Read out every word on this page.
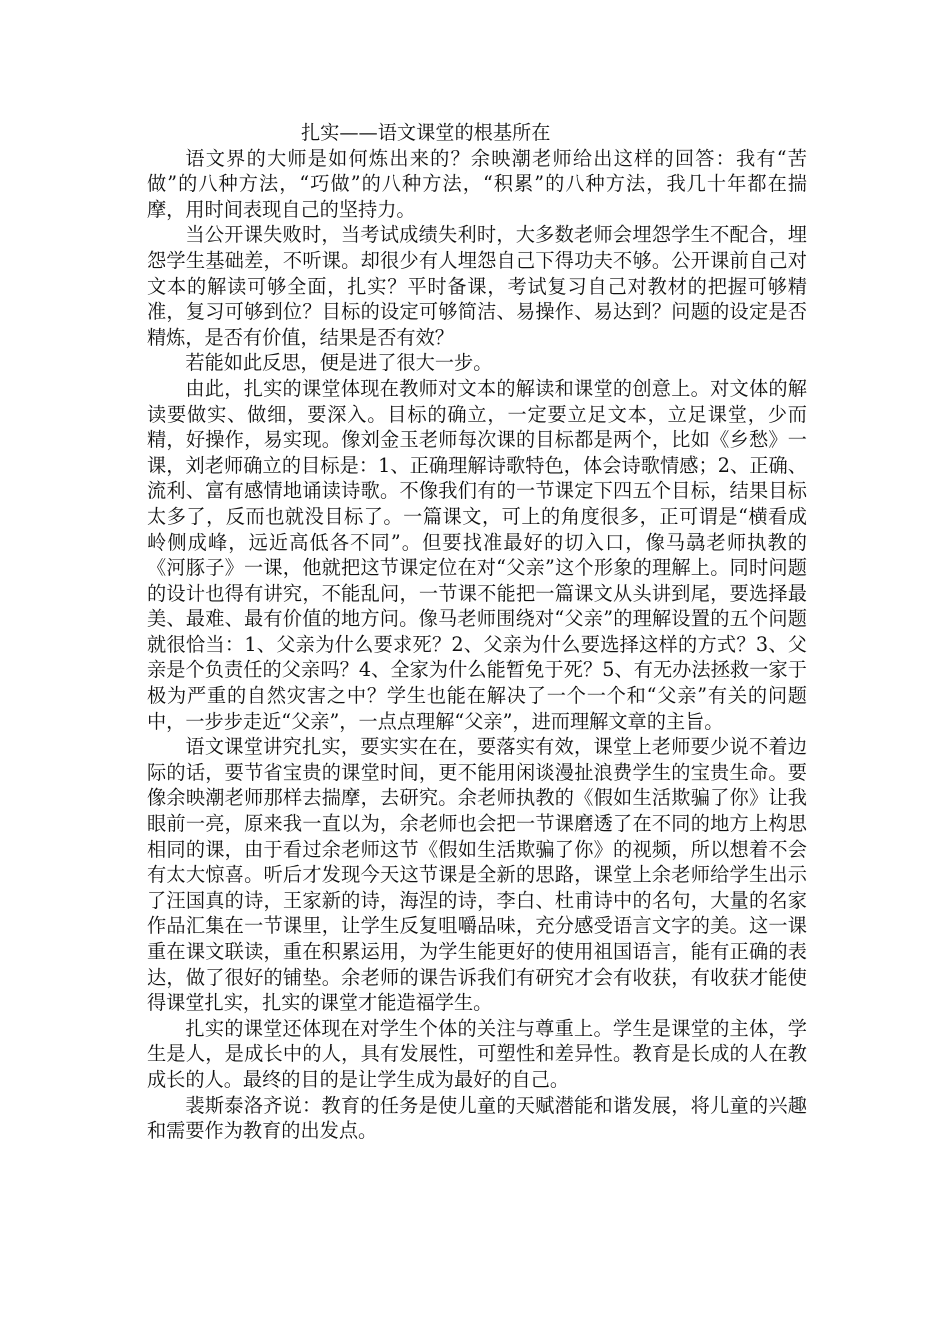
扎实——语文课堂的根基所在

语文界的大师是如何炼出来的？余映潮老师给出这样的回答：我有“苦做”的八种方法，“巧做”的八种方法，“积累”的八种方法，我几十年都在揣摩，用时间表现自己的坚持力。

当公开课失败时，当考试成绩失利时，大多数老师会埋怨学生不配合，埋怨学生基础差，不听课。却很少有人埋怨自己下得功夫不够。公开课前自己对文本的解读可够全面，扎实？平时备课，考试复习自己对教材的把握可够精准，复习可够到位？目标的设定可够简洁、易操作、易达到？问题的设定是否精炼，是否有价值，结果是否有效？

若能如此反思，便是进了很大一步。

由此，扎实的课堂体现在教师对文本的解读和课堂的创意上。对文体的解读要做实、做细，要深入。目标的确立，一定要立足文本，立足课堂，少而精，好操作，易实现。像刘金玉老师每次课的目标都是两个，比如《乡愁》一课，刘老师确立的目标是：1、正确理解诗歌特色，体会诗歌情感；2、正确、流利、富有感情地诵读诗歌。不像我们有的一节课定下四五个目标，结果目标太多了，反而也就没目标了。一篇课文，可上的角度很多，正可谓是“横看成岭侧成峰，远近高低各不同”。但要找准最好的切入口，像马骉老师执教的《河豚子》一课，他就把这节课定位在对“父亲”这个形象的理解上。同时问题的设计也得有讲究，不能乱问，一节课不能把一篇课文从头讲到尾，要选择最美、最难、最有价值的地方问。像马老师围绕对“父亲”的理解设置的五个问题就很恰当：1、父亲为什么要求死？2、父亲为什么要选择这样的方式？3、父亲是个负责任的父亲吗？4、全家为什么能暂免于死？5、有无办法拯救一家于极为严重的自然灾害之中？学生也能在解决了一个一个和“父亲”有关的问题中，一步步走近“父亲”，一点点理解“父亲”，进而理解文章的主旨。

语文课堂讲究扎实，要实实在在，要落实有效，课堂上老师要少说不着边际的话，要节省宝贵的课堂时间，更不能用闲谈漫扯浪费学生的宝贵生命。要像余映潮老师那样去揣摩，去研究。余老师执教的《假如生活欺骗了你》让我眼前一亮，原来我一直以为，余老师也会把一节课磨透了在不同的地方上构思相同的课，由于看过余老师这节《假如生活欺骗了你》的视频，所以想着不会有太大惊喜。听后才发现今天这节课是全新的思路，课堂上余老师给学生出示了汪国真的诗，王家新的诗，海涅的诗，李白、杜甫诗中的名句，大量的名家作品汇集在一节课里，让学生反复咀嚼品味，充分感受语言文字的美。这一课重在课文联读，重在积累运用，为学生能更好的使用祖国语言，能有正确的表达，做了很好的铺垫。余老师的课告诉我们有研究才会有收获，有收获才能使得课堂扎实，扎实的课堂才能造福学生。

扎实的课堂还体现在对学生个体的关注与尊重上。学生是课堂的主体，学生是人，是成长中的人，具有发展性，可塑性和差异性。教育是长成的人在教成长的人。最终的目的是让学生成为最好的自己。

裴斯泰洛齐说：教育的任务是使儿童的天赋潜能和谐发展，将儿童的兴趣和需要作为教育的出发点。
